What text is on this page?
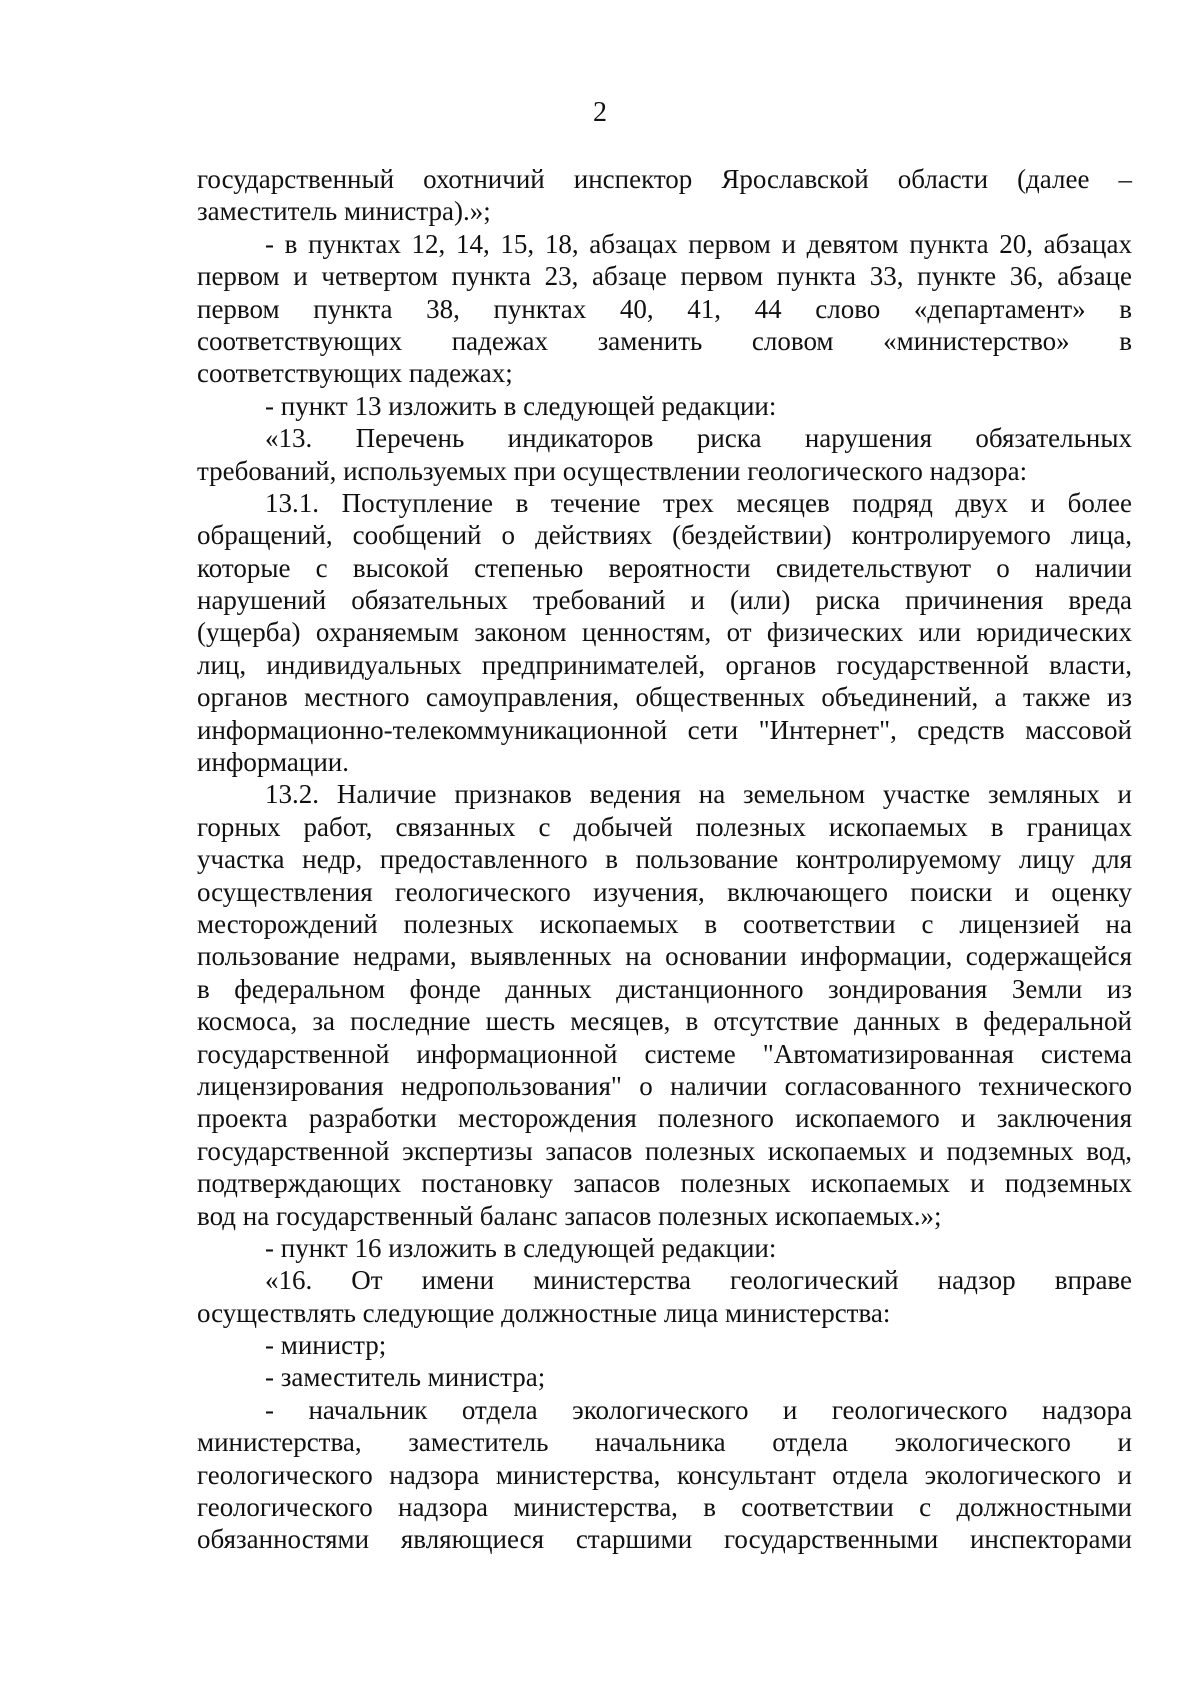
2
государственный охотничий инспектор Ярославской области (далее –
заместитель министра).»;
- в пунктах 12, 14, 15, 18, абзацах первом и девятом пункта 20, абзацах
первом и четвертом пункта 23, абзаце первом пункта 33, пункте 36, абзаце
первом пункта 38, пунктах 40, 41, 44 слово «департамент» в
соответствующих падежах заменить словом «министерство» в
соответствующих падежах;
- пункт 13 изложить в следующей редакции:
«13. Перечень индикаторов риска нарушения обязательных
требований, используемых при осуществлении геологического надзора:
13.1. Поступление в течение трех месяцев подряд двух и более
обращений, сообщений о действиях (бездействии) контролируемого лица,
которые с высокой степенью вероятности свидетельствуют о наличии
нарушений обязательных требований и (или) риска причинения вреда
(ущерба) охраняемым законом ценностям, от физических или юридических
лиц, индивидуальных предпринимателей, органов государственной власти,
органов местного самоуправления, общественных объединений, а также из
информационно-телекоммуникационной сети "Интернет", средств массовой
информации.
13.2. Наличие признаков ведения на земельном участке земляных и
горных работ, связанных с добычей полезных ископаемых в границах
участка недр, предоставленного в пользование контролируемому лицу для
осуществления геологического изучения, включающего поиски и оценку
месторождений полезных ископаемых в соответствии с лицензией на
пользование недрами, выявленных на основании информации, содержащейся
в федеральном фонде данных дистанционного зондирования Земли из
космоса, за последние шесть месяцев, в отсутствие данных в федеральной
государственной информационной системе "Автоматизированная система
лицензирования недропользования" о наличии согласованного технического
проекта разработки месторождения полезного ископаемого и заключения
государственной экспертизы запасов полезных ископаемых и подземных вод,
подтверждающих постановку запасов полезных ископаемых и подземных
вод на государственный баланс запасов полезных ископаемых.»;
- пункт 16 изложить в следующей редакции:
«16. От имени министерства геологический надзор вправе
осуществлять следующие должностные лица министерства:
- министр;
- заместитель министра;
- начальник отдела экологического и геологического надзора
министерства, заместитель начальника отдела экологического и
геологического надзора министерства, консультант отдела экологического и
геологического надзора министерства, в соответствии с должностными
обязанностями являющиеся старшими государственными инспекторами
